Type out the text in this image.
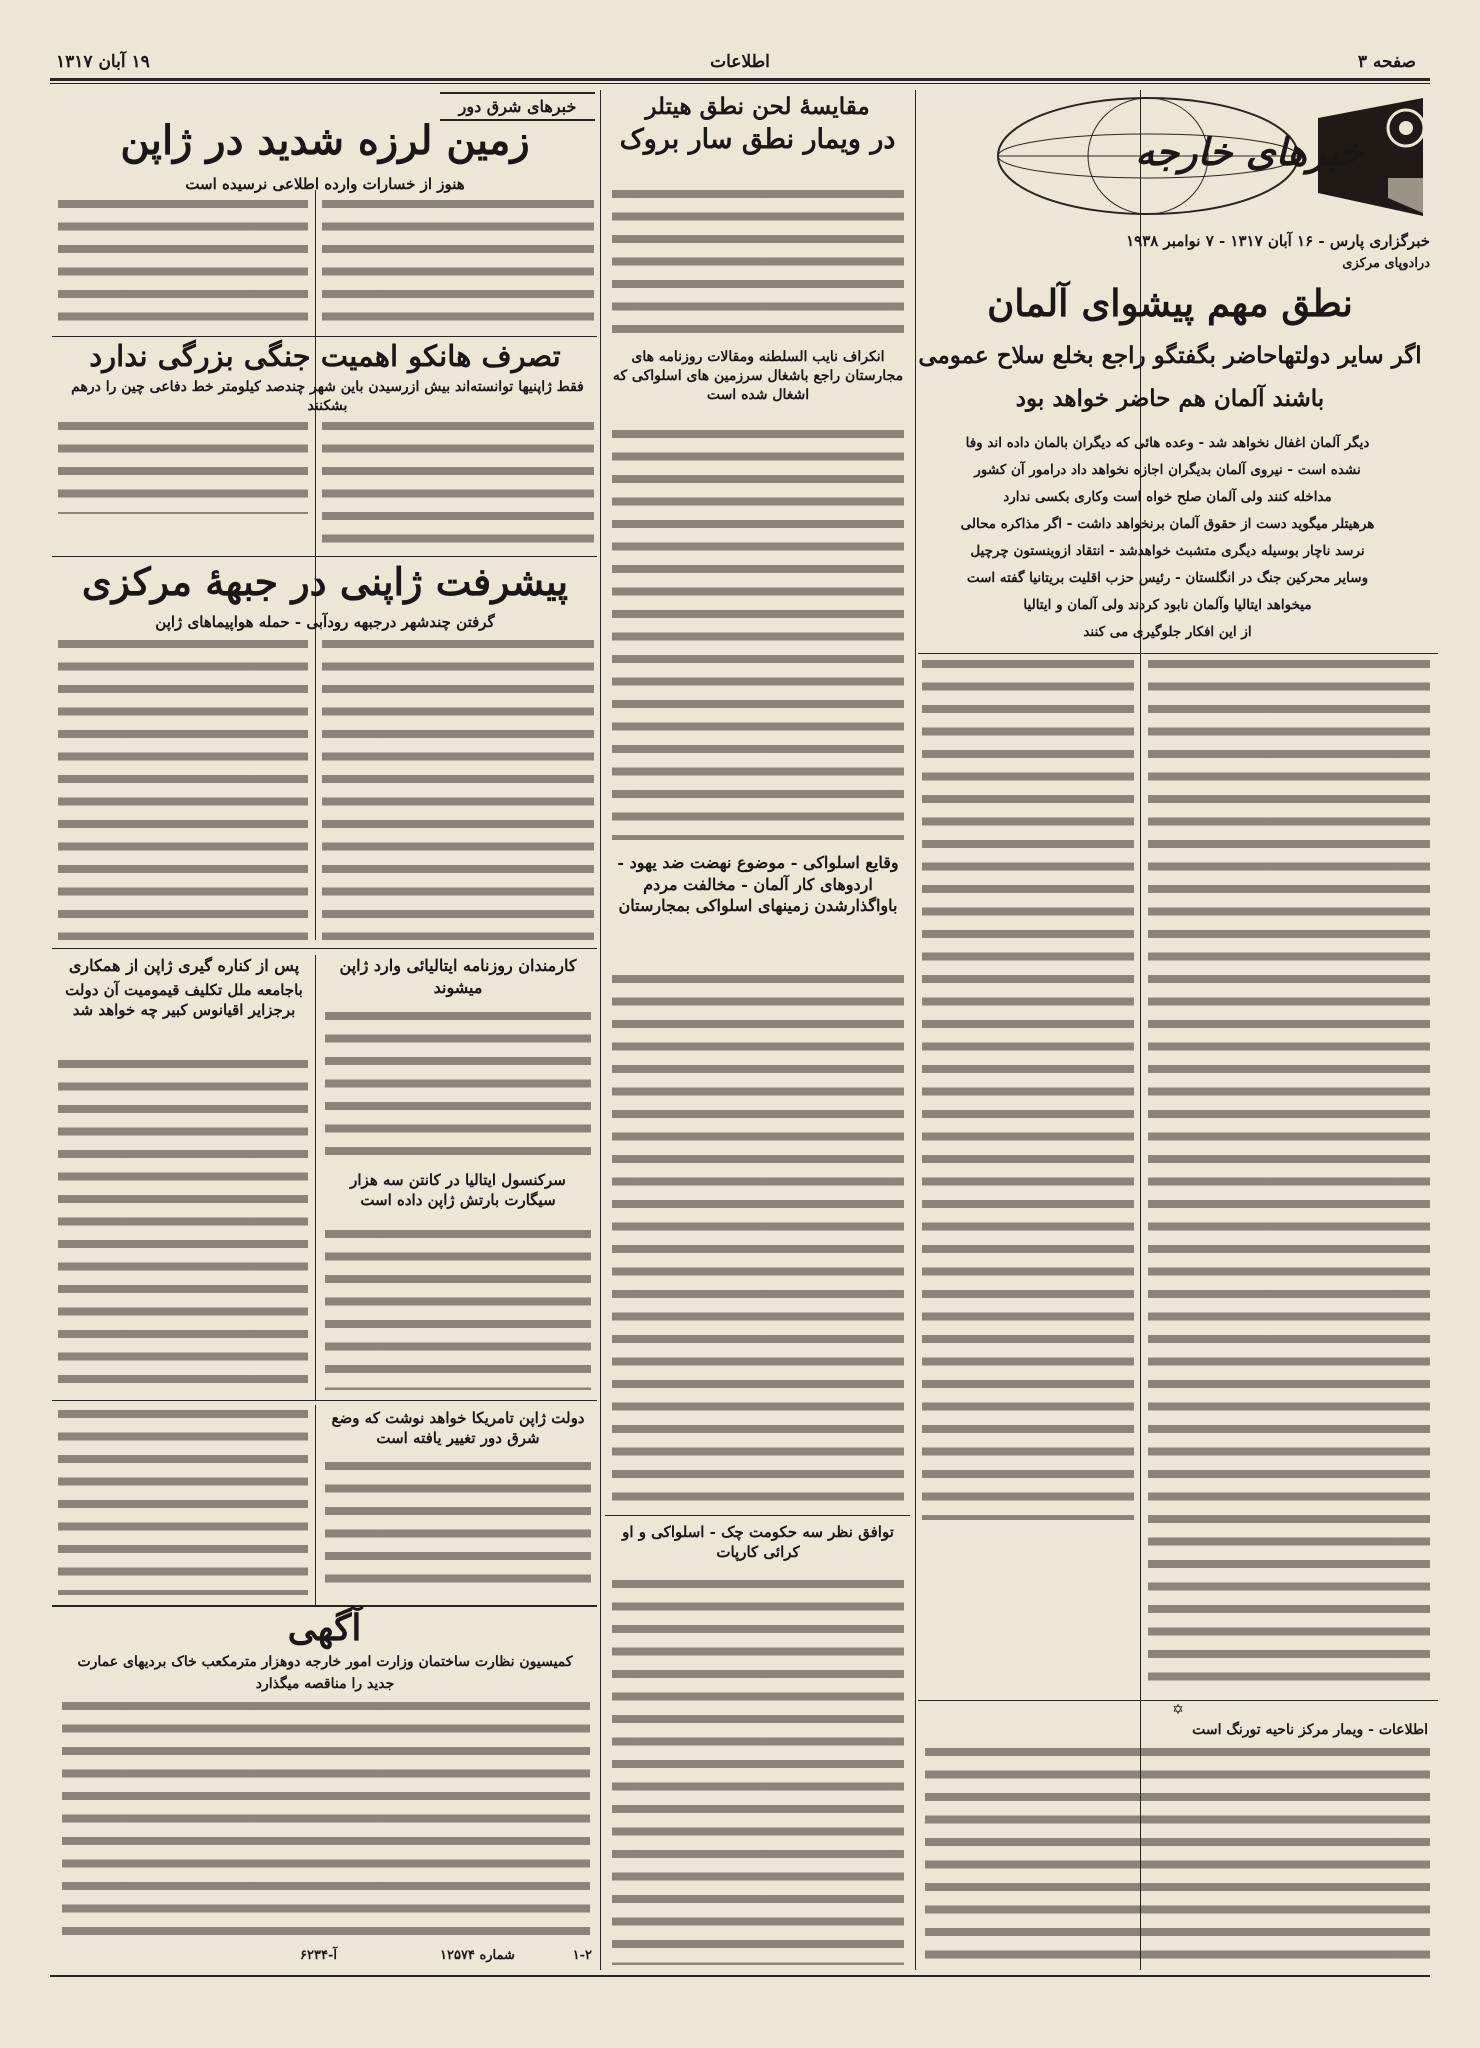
صفحه ۳
اطلاعات
۱۹ آبان ۱۳۱۷
خبرهای خارجه
خبرگزاری پارس - ۱۶ آبان ۱۳۱۷ - ۷ نوامبر ۱۹۳۸
درادوپای مرکزی
نطق مهم پیشوای آلمان
اگر سایر دولتهاحاضر بگفتگو راجع بخلع سلاح عمومی
باشند آلمان هم حاضر خواهد بود
دیگر آلمان اغفال نخواهد شد - وعده هائی که دیگران بالمان داده اند وفا
نشده است - نیروی آلمان بدیگران اجازه نخواهد داد درامور آن کشور
مداخله کنند ولی آلمان صلح خواه است وکاری بکسی ندارد
هرهیتلر میگوید دست از حقوق آلمان برنخواهد داشت - اگر مذاکره محالی
نرسد ناچار بوسیله دیگری متشبث خواهدشد - انتقاد ازوینستون چرچیل
وسایر محرکین جنگ در انگلستان - رئیس حزب اقلیت بریتانیا گفته است
میخواهد ایتالیا وآلمان نابود کردند ولی آلمان و ایتالیا
از این افکار جلوگیری می کنند
✡
اطلاعات - ویمار مرکز ناحیه تورنگ است
مقایسهٔ لحن نطق هیتلر
در ویمار نطق سار بروک
انکراف نایب السلطنه ومقالات روزنامه های مجارستان راجع باشغال سرزمین های اسلواکی که اشغال شده است
وقایع اسلواکی - موضوع نهضت ضد یهود - اردوهای کار آلمان - مخالفت مردم باواگذارشدن زمینهای اسلواکی بمجارستان
توافق نظر سه حکومت چک - اسلواکی و او کرائی کارپات
خبرهای شرق دور
زمین لرزه شدید در ژاپن
هنوز از خسارات وارده اطلاعی نرسیده است
تصرف هانکو اهمیت جنگی بزرگی ندارد
فقط ژاپنیها توانسته‌اند بیش ازرسیدن باین شهر چندصد کیلومتر خط دفاعی چین را درهم بشکنند
پیشرفت ژاپنی در جبههٔ مرکزی
گرفتن چندشهر درجبهه رودآبی - حمله هواپیماهای ژاپن
پس از کناره گیری ژاپن از همکاری
باجامعه ملل تکلیف قیمومیت آن دولت برجزایر اقیانوس کبیر چه خواهد شد
کارمندان روزنامه ایتالیائی وارد ژاپن میشوند
سرکنسول ایتالیا در کانتن سه هزار سیگارت بارتش ژاپن داده است
دولت ژاپن تامریکا خواهد نوشت که وضع شرق دور تغییر یافته است
آگهی
کمیسیون نظارت ساختمان وزارت امور خارجه دوهزار مترمکعب خاک بردیهای عمارت
جدید را مناقصه میگذارد
۱-۲
آ-۶۲۳۴	شماره ۱۲۵۷۴
